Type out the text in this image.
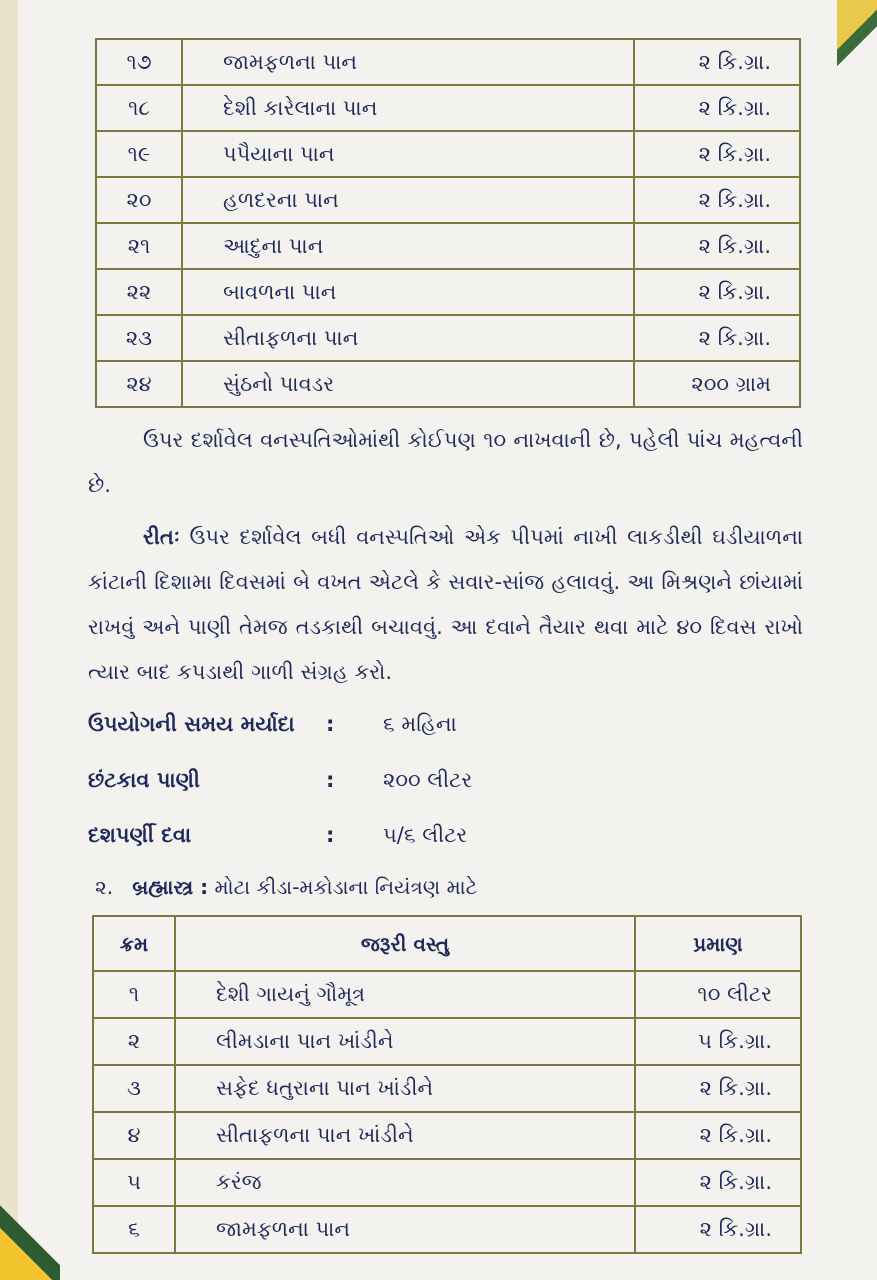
૧૭	જામફળના પાન	૨ કિ.ગ્રા.
૧૮	દેશી કારેલાના પાન	૨ કિ.ગ્રા.
૧૯	પપૈયાના પાન	૨ કિ.ગ્રા.
૨૦	હળદરના પાન	૨ કિ.ગ્રા.
૨૧	આદુના પાન	૨ કિ.ગ્રા.
૨૨	બાવળના પાન	૨ કિ.ગ્રા.
૨૩	સીતાફળના પાન	૨ કિ.ગ્રા.
૨૪	સુંઠનો પાવડર	૨૦૦ ગ્રામ
ઉપર દર્શાવેલ વનસ્પતિઓમાંથી કોઈપણ ૧૦ નાખવાની છે, પહેલી પાંચ મહત્વની છે.
રીતઃ ઉપર દર્શાવેલ બધી વનસ્પતિઓ એક પીપમાં નાખી લાકડીથી ઘડીયાળના કાંટાની દિશામા દિવસમાં બે વખત એટલે કે સવાર-સાંજ હલાવવું. આ મિશ્રણને છાંયામાં રાખવું અને પાણી તેમજ તડકાથી બચાવવું. આ દવાને તૈયાર થવા માટે ૪૦ દિવસ રાખો ત્યાર બાદ કપડાથી ગાળી સંગ્રહ કરો.
ઉપયોગની સમય મર્યાદા : ૬ મહિના
છંટકાવ પાણી	: ૨૦૦ લીટર
દશપર્ણી દવા	: ૫/૬ લીટર
૨. બ્રહ્માસ્ત્ર : મોટા કીડા-મકોડાના નિયંત્રણ માટે
ક્રમ	જરૂરી વસ્તુ	પ્રમાણ
૧	દેશી ગાયનું ગૌમૂત્ર	૧૦ લીટર
૨	લીમડાના પાન ખાંડીને	૫ કિ.ગ્રા.
૩	સફેદ ધતુરાના પાન ખાંડીને	૨ કિ.ગ્રા.
૪	સીતાફળના પાન ખાંડીને	૨ કિ.ગ્રા.
૫	કરંજ	૨ કિ.ગ્રા.
૬	જામફળના પાન	૨ કિ.ગ્રા.
